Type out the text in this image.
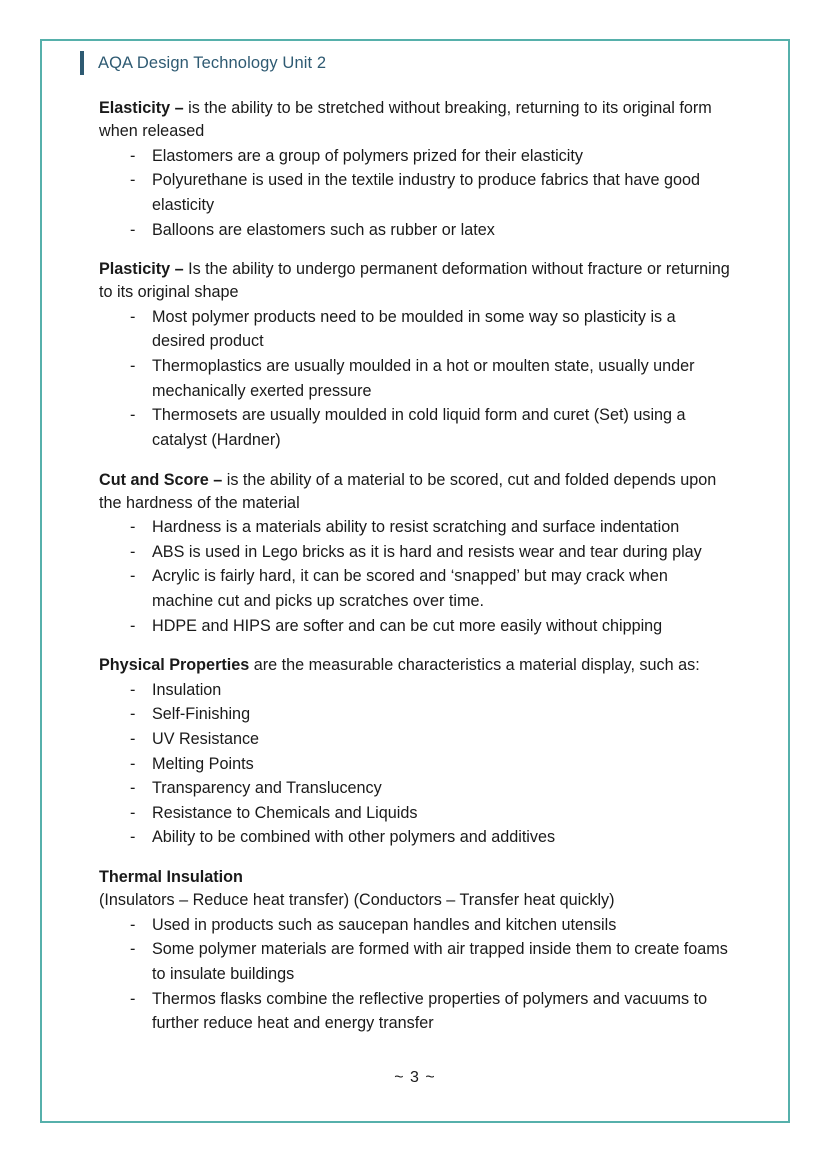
AQA Design Technology Unit 2

Elasticity – is the ability to be stretched without breaking, returning to its original form when released

- Elastomers are a group of polymers prized for their elasticity
- Polyurethane is used in the textile industry to produce fabrics that have good elasticity
- Balloons are elastomers such as rubber or latex

Plasticity – Is the ability to undergo permanent deformation without fracture or returning to its original shape

- Most polymer products need to be moulded in some way so plasticity is a desired product
- Thermoplastics are usually moulded in a hot or moulten state, usually under mechanically exerted pressure
- Thermosets are usually moulded in cold liquid form and curet (Set) using a catalyst (Hardner)

Cut and Score – is the ability of a material to be scored, cut and folded depends upon the hardness of the material

- Hardness is a materials ability to resist scratching and surface indentation
- ABS is used in Lego bricks as it is hard and resists wear and tear during play
- Acrylic is fairly hard, it can be scored and ‘snapped’ but may crack when machine cut and picks up scratches over time.
- HDPE and HIPS are softer and can be cut more easily without chipping

Physical Properties are the measurable characteristics a material display, such as:

- Insulation
- Self-Finishing
- UV Resistance
- Melting Points
- Transparency and Translucency
- Resistance to Chemicals and Liquids
- Ability to be combined with other polymers and additives

Thermal Insulation

(Insulators – Reduce heat transfer) (Conductors – Transfer heat quickly)

- Used in products such as saucepan handles and kitchen utensils
- Some polymer materials are formed with air trapped inside them to create foams to insulate buildings
- Thermos flasks combine the reflective properties of polymers and vacuums to further reduce heat and energy transfer
~ 3 ~
